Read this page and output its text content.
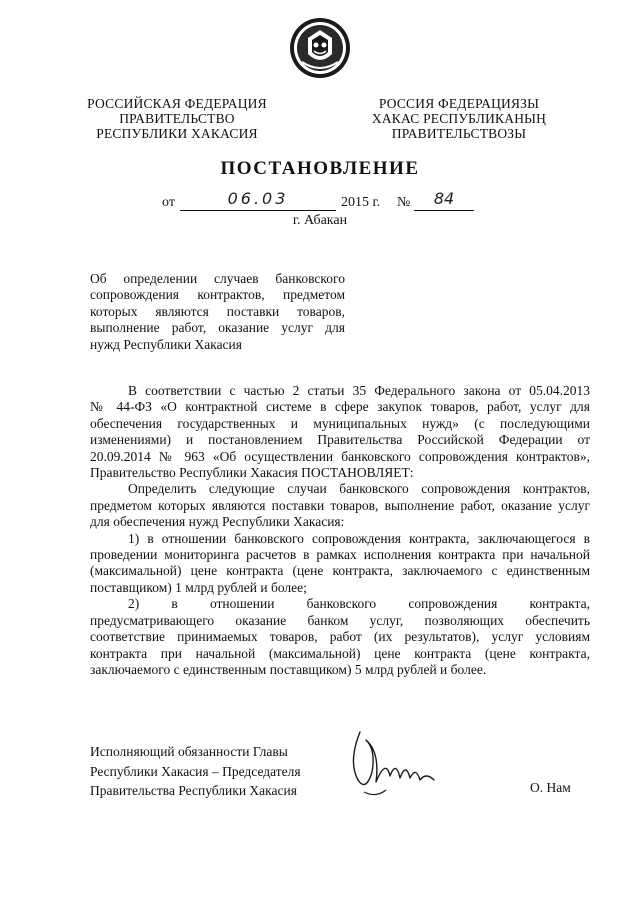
РОССИЙСКАЯ ФЕДЕРАЦИЯ
ПРАВИТЕЛЬСТВО
РЕСПУБЛИКИ ХАКАСИЯ
РОССИЯ ФЕДЕРАЦИЯЗЫ
ХАКАС РЕСПУБЛИКАНЫҢ
ПРАВИТЕЛЬСТВОЗЫ
ПОСТАНОВЛЕНИЕ
от	06.03	2015 г. №	84
г. Абакан
Об определении случаев банковского
сопровождения контрактов, предметом
которых являются поставки товаров,
выполнение работ, оказание услуг для
нужд Республики Хакасия
В соответствии с частью 2 статьи 35 Федерального закона от 05.04.2013
№ 44-ФЗ «О контрактной системе в сфере закупок товаров, работ, услуг для
обеспечения государственных и муниципальных нужд» (с последующими
изменениями) и постановлением Правительства Российской Федерации от
20.09.2014 № 963 «Об осуществлении банковского сопровождения контрактов»,
Правительство Республики Хакасия ПОСТАНОВЛЯЕТ:
Определить следующие случаи банковского сопровождения контрактов,
предметом которых являются поставки товаров, выполнение работ, оказание услуг
для обеспечения нужд Республики Хакасия:
1) в отношении банковского сопровождения контракта, заключающегося в
проведении мониторинга расчетов в рамках исполнения контракта при начальной
(максимальной) цене контракта (цене контракта, заключаемого с единственным
поставщиком) 1 млрд рублей и более;
2) в отношении банковского сопровождения контракта,
предусматривающего оказание банком услуг, позволяющих обеспечить
соответствие принимаемых товаров, работ (их результатов), услуг условиям
контракта при начальной (максимальной) цене контракта (цене контракта,
заключаемого с единственным поставщиком) 5 млрд рублей и более.
Исполняющий обязанности Главы
Республики Хакасия – Председателя
Правительства Республики Хакасия	О. Нам
